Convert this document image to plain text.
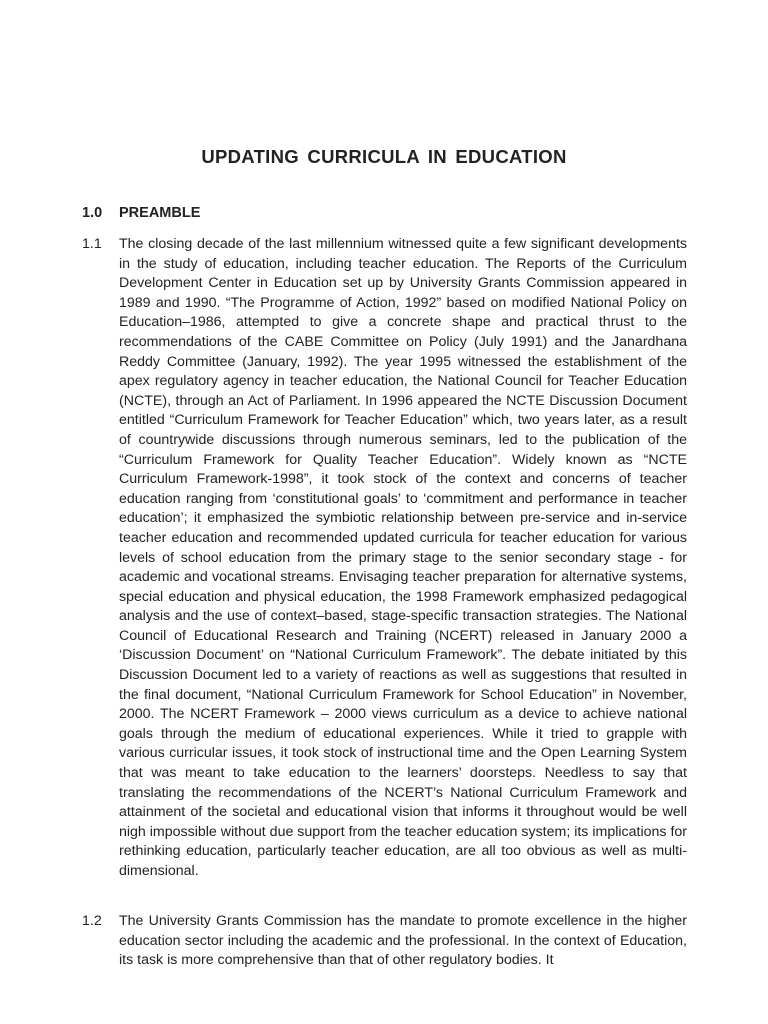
UPDATING CURRICULA IN EDUCATION
1.0 PREAMBLE
1.1 The closing decade of the last millennium witnessed quite a few significant developments in the study of education, including teacher education. The Reports of the Curriculum Development Center in Education set up by University Grants Commission appeared in 1989 and 1990. “The Programme of Action, 1992” based on modified National Policy on Education–1986, attempted to give a concrete shape and practical thrust to the recommendations of the CABE Committee on Policy (July 1991) and the Janardhana Reddy Committee (January, 1992). The year 1995 witnessed the establishment of the apex regulatory agency in teacher education, the National Council for Teacher Education (NCTE), through an Act of Parliament. In 1996 appeared the NCTE Discussion Document entitled “Curriculum Framework for Teacher Education” which, two years later, as a result of countrywide discussions through numerous seminars, led to the publication of the “Curriculum Framework for Quality Teacher Education”. Widely known as “NCTE Curriculum Framework-1998”, it took stock of the context and concerns of teacher education ranging from ‘constitutional goals’ to ‘commitment and performance in teacher education’; it emphasized the symbiotic relationship between pre-service and in-service teacher education and recommended updated curricula for teacher education for various levels of school education from the primary stage to the senior secondary stage - for academic and vocational streams. Envisaging teacher preparation for alternative systems, special education and physical education, the 1998 Framework emphasized pedagogical analysis and the use of context–based, stage-specific transaction strategies. The National Council of Educational Research and Training (NCERT) released in January 2000 a ‘Discussion Document’ on “National Curriculum Framework”. The debate initiated by this Discussion Document led to a variety of reactions as well as suggestions that resulted in the final document, “National Curriculum Framework for School Education” in November, 2000. The NCERT Framework – 2000 views curriculum as a device to achieve national goals through the medium of educational experiences. While it tried to grapple with various curricular issues, it took stock of instructional time and the Open Learning System that was meant to take education to the learners’ doorsteps. Needless to say that translating the recommendations of the NCERT’s National Curriculum Framework and attainment of the societal and educational vision that informs it throughout would be well nigh impossible without due support from the teacher education system; its implications for rethinking education, particularly teacher education, are all too obvious as well as multi-dimensional.
1.2 The University Grants Commission has the mandate to promote excellence in the higher education sector including the academic and the professional. In the context of Education, its task is more comprehensive than that of other regulatory bodies. It
